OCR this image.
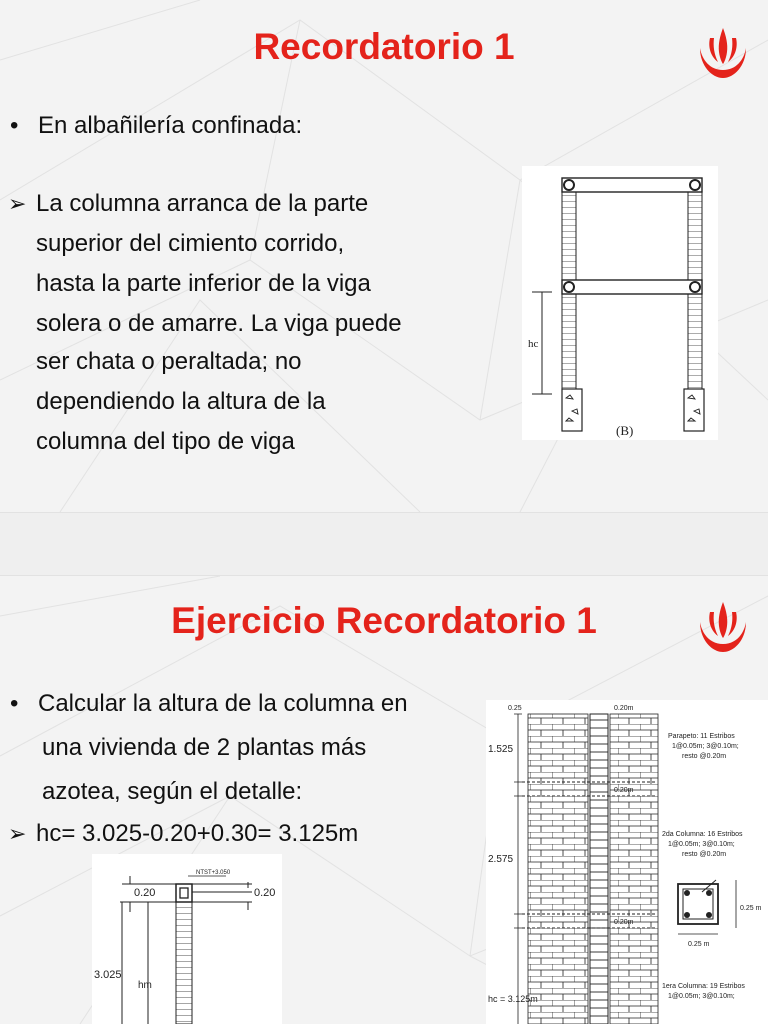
Recordatorio 1
• En albañilería confinada:
➢ La columna arranca de la parte
superior del cimiento corrido,
hasta la parte inferior de la viga
solera o de amarre. La viga puede
ser chata o peraltada; no
dependiendo la altura de la
columna del tipo de viga
hc
(B)
Ejercicio Recordatorio 1
• Calcular la altura de la columna en
una vivienda de 2 plantas más
azotea, según el detalle:
➢ hc= 3.025-0.20+0.30= 3.125m
NTST+3.050
0.20	0.20
3.025
hm
0.25	0.20m
0.20m
0.20m
1.525
2.575
hc = 3.125m
Parapeto: 11 Estribos
1@0.05m; 3@0.10m;
resto @0.20m
2da Columna: 16 Estribos
1@0.05m; 3@0.10m;
resto @0.20m
0.25 m
0.25 m
1era Columna: 19 Estribos
1@0.05m; 3@0.10m;
